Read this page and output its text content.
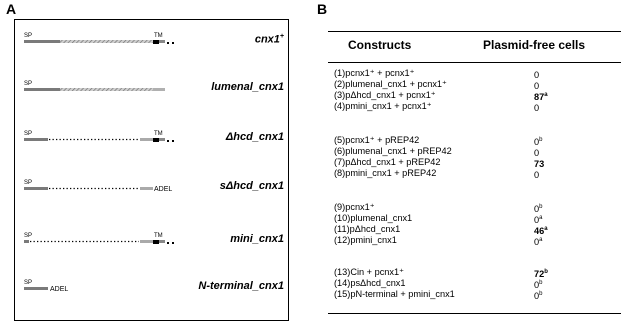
A	B
SP	TM	cnx1+
SP	lumenal_cnx1
SP	TM	Δhcd_cnx1
SP
ADEL	sΔhcd_cnx1
SP	TM	mini_cnx1
SP
ADEL	N-terminal_cnx1
Constructs	Plasmid-free cells
(1)pcnx1⁺ + pcnx1⁺	0
(2)plumenal_cnx1 + pcnx1⁺	0
(3)pΔhcd_cnx1 + pcnx1⁺	87$^a$
(4)pmini_cnx1 + pcnx1⁺	0
(5)pcnx1⁺ + pREP42	0$^b$
(6)plumenal_cnx1 + pREP42	0
(7)pΔhcd_cnx1 + pREP42	73
(8)pmini_cnx1 + pREP42	0
(9)pcnx1⁺	0$^b$
(10)plumenal_cnx1	0$^a$
(11)pΔhcd_cnx1	46$^a$
(12)pmini_cnx1	0$^a$
(13)Cin + pcnx1⁺	72$^b$
(14)psΔhcd_cnx1	0$^b$
(15)pN-terminal + pmini_cnx1	0$^b$
